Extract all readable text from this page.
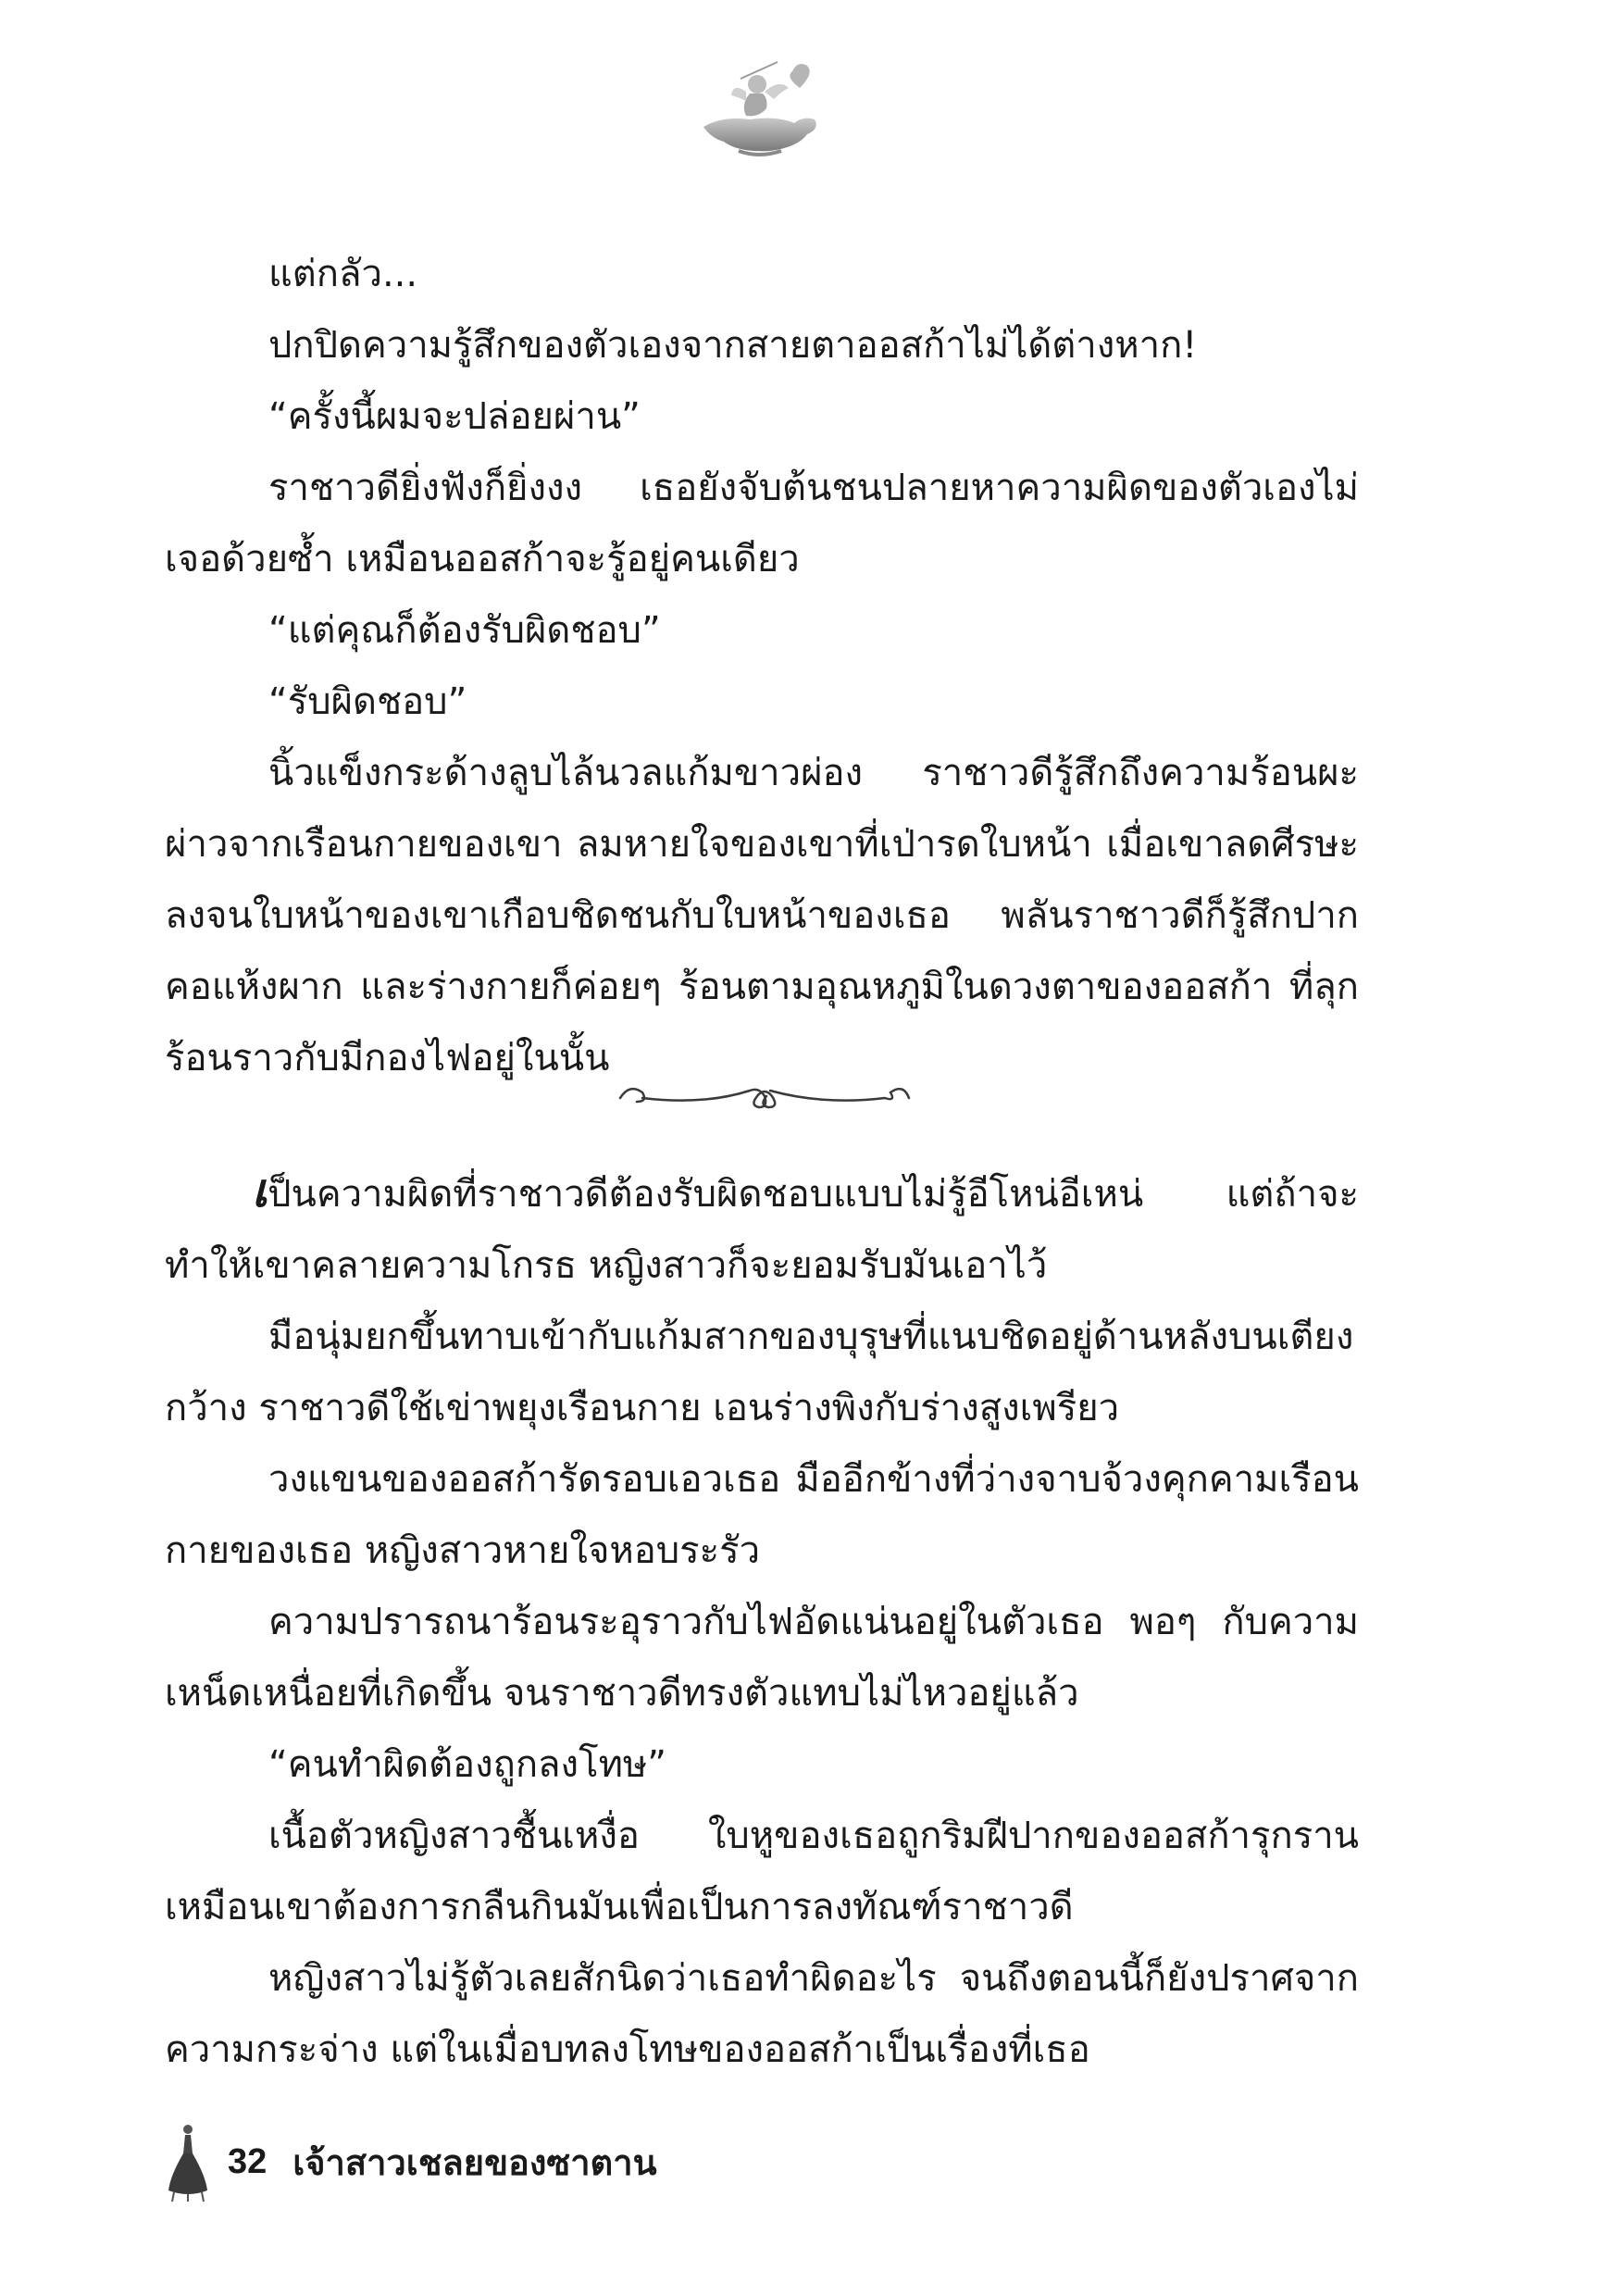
แต่กลัว...

ปกปิดความรู้สึกของตัวเองจากสายตาออสก้าไม่ได้ต่างหาก!

“ครั้งนี้ผมจะปล่อยผ่าน”

ราชาวดียิ่งฟังก็ยิ่งงง เธอยังจับต้นชนปลายหาความผิดของตัวเองไม่เจอด้วยซ้ำ เหมือนออสก้าจะรู้อยู่คนเดียว

“แต่คุณก็ต้องรับผิดชอบ”

“รับผิดชอบ”

นิ้วแข็งกระด้างลูบไล้นวลแก้มขาวผ่อง ราชาวดีรู้สึกถึงความร้อนผะผ่าวจากเรือนกายของเขา ลมหายใจของเขาที่เป่ารดใบหน้า เมื่อเขาลดศีรษะลงจนใบหน้าของเขาเกือบชิดชนกับใบหน้าของเธอ พลันราชาวดีก็รู้สึกปากคอแห้งผาก และร่างกายก็ค่อยๆ ร้อนตามอุณหภูมิในดวงตาของออสก้า ที่ลุกร้อนราวกับมีกองไฟอยู่ในนั้น

เป็นความผิดที่ราชาวดีต้องรับผิดชอบแบบไม่รู้อีโหน่อีเหน่ แต่ถ้าจะทำให้เขาคลายความโกรธ หญิงสาวก็จะยอมรับมันเอาไว้

มือนุ่มยกขึ้นทาบเข้ากับแก้มสากของบุรุษที่แนบชิดอยู่ด้านหลังบนเตียงกว้าง ราชาวดีใช้เข่าพยุงเรือนกาย เอนร่างพิงกับร่างสูงเพรียว

วงแขนของออสก้ารัดรอบเอวเธอ มืออีกข้างที่ว่างจาบจ้วงคุกคามเรือนกายของเธอ หญิงสาวหายใจหอบระรัว

ความปรารถนาร้อนระอุราวกับไฟอัดแน่นอยู่ในตัวเธอ พอๆ กับความเหน็ดเหนื่อยที่เกิดขึ้น จนราชาวดีทรงตัวแทบไม่ไหวอยู่แล้ว

“คนทำผิดต้องถูกลงโทษ”

เนื้อตัวหญิงสาวชื้นเหงื่อ ใบหูของเธอถูกริมฝีปากของออสก้ารุกราน เหมือนเขาต้องการกลืนกินมันเพื่อเป็นการลงทัณฑ์ราชาวดี

หญิงสาวไม่รู้ตัวเลยสักนิดว่าเธอทำผิดอะไร จนถึงตอนนี้ก็ยังปราศจากความกระจ่าง แต่ในเมื่อบทลงโทษของออสก้าเป็นเรื่องที่เธอ

32 เจ้าสาวเชลยของซาตาน
